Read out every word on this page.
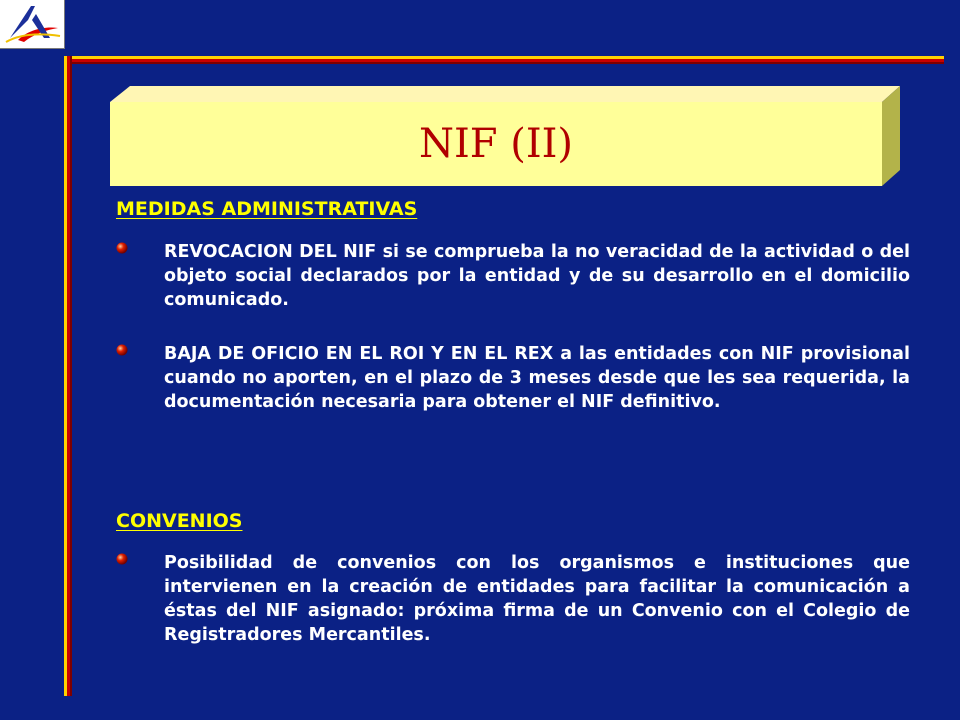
NIF (II)
MEDIDAS ADMINISTRATIVAS
REVOCACION DEL NIF si se comprueba la no veracidad de la actividad o del objeto social declarados por la entidad y de su desarrollo en el domicilio comunicado.
BAJA DE OFICIO EN EL ROI Y EN EL REX a las entidades con NIF provisional cuando no aporten, en el plazo de 3 meses desde que les sea requerida, la documentación necesaria para obtener el NIF definitivo.
CONVENIOS
Posibilidad de convenios con los organismos e instituciones que intervienen en la creación de entidades para facilitar la comunicación a éstas del NIF asignado: próxima firma de un Convenio con el Colegio de Registradores Mercantiles.
